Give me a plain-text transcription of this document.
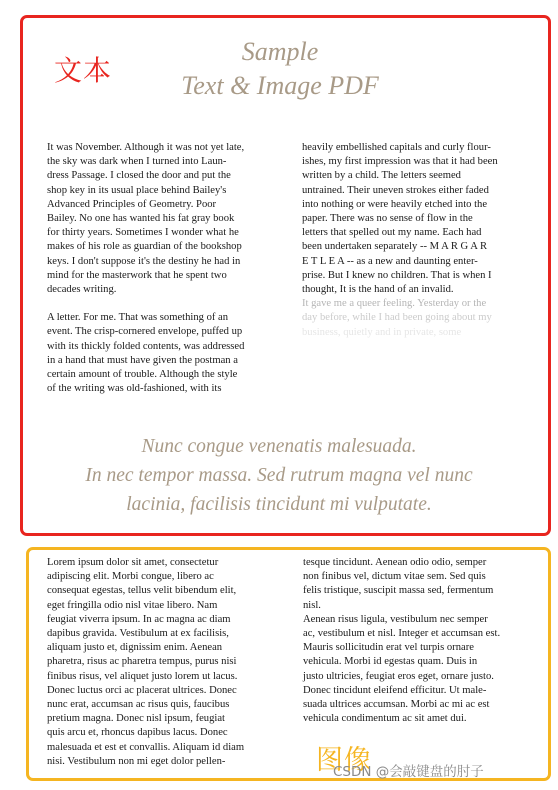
文本
Sample
Text & Image PDF

It was November. Although it was not yet late,
the sky was dark when I turned into Laun-
dress Passage. I closed the door and put the
shop key in its usual place behind Bailey's
Advanced Principles of Geometry. Poor
Bailey. No one has wanted his fat gray book
for thirty years. Sometimes I wonder what he
makes of his role as guardian of the bookshop
keys. I don't suppose it's the destiny he had in
mind for the masterwork that he spent two
decades writing.

A letter. For me. That was something of an
event. The crisp-cornered envelope, puffed up
with its thickly folded contents, was addressed
in a hand that must have given the postman a
certain amount of trouble. Although the style
of the writing was old-fashioned, with its

heavily embellished capitals and curly flour-
ishes, my first impression was that it had been
written by a child. The letters seemed
untrained. Their uneven strokes either faded
into nothing or were heavily etched into the
paper. There was no sense of flow in the
letters that spelled out my name. Each had
been undertaken separately -- M A R G A R
E T L E A -- as a new and daunting enter-
prise. But I knew no children. That is when I
thought, It is the hand of an invalid.

It gave me a queer feeling. Yesterday or the
day before, while I had been going about my
business, quietly and in private, some

Nunc congue venenatis malesuada.
In nec tempor massa. Sed rutrum magna vel nunc
lacinia, facilisis tincidunt mi vulputate.

Lorem ipsum dolor sit amet, consectetur
adipiscing elit. Morbi congue, libero ac
consequat egestas, tellus velit bibendum elit,
eget fringilla odio nisl vitae libero. Nam
feugiat viverra ipsum. In ac magna ac diam
dapibus gravida. Vestibulum at ex facilisis,
aliquam justo et, dignissim enim. Aenean
pharetra, risus ac pharetra tempus, purus nisi
finibus risus, vel aliquet justo lorem ut lacus.
Donec luctus orci ac placerat ultrices. Donec
nunc erat, accumsan ac risus quis, faucibus
pretium magna. Donec nisl ipsum, feugiat
quis arcu et, rhoncus dapibus lacus. Donec
malesuada et est et convallis. Aliquam id diam
nisi. Vestibulum non mi eget dolor pellen-

tesque tincidunt. Aenean odio odio, semper
non finibus vel, dictum vitae sem. Sed quis
felis tristique, suscipit massa sed, fermentum
nisl.
Aenean risus ligula, vestibulum nec semper
ac, vestibulum et nisl. Integer et accumsan est.
Mauris sollicitudin erat vel turpis ornare
vehicula. Morbi id egestas quam. Duis in
justo ultricies, feugiat eros eget, ornare justo.
Donec tincidunt eleifend efficitur. Ut male-
suada ultrices accumsan. Morbi ac mi ac est
vehicula condimentum ac sit amet dui.

图像
CSDN @会敲键盘的肘子
